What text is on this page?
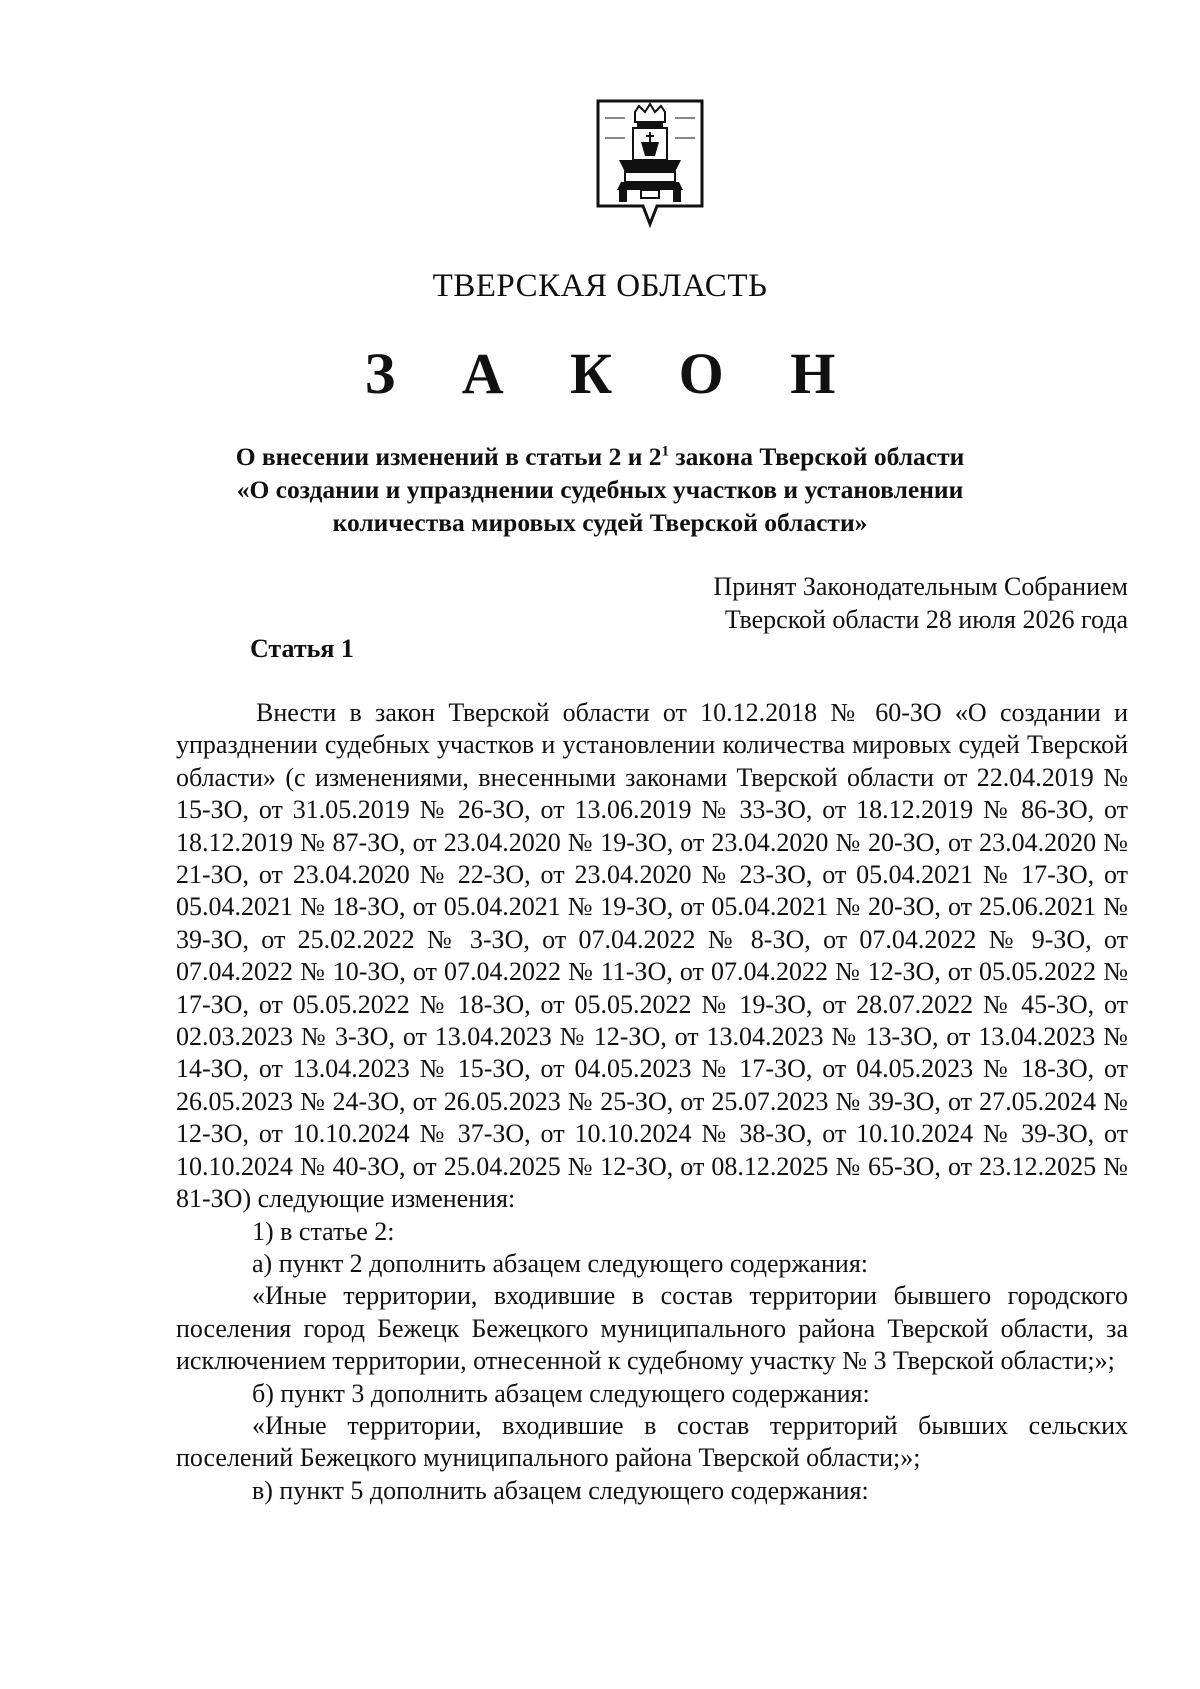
ТВЕРСКАЯ ОБЛАСТЬ
З А К О Н
О внесении изменений в статьи 2 и $2^1$ закона Тверской области
«О создании и упразднении судебных участков и установлении
количества мировых судей Тверской области»
Принят Законодательным Собранием
Тверской области 28 июля 2026 года
Статья 1

Внести в закон Тверской области от 10.12.2018 № 60-ЗО «О создании и упразднении судебных участков и установлении количества мировых судей Тверской области» (с изменениями, внесенными законами Тверской области от 22.04.2019 № 15-ЗО, от 31.05.2019 № 26-ЗО, от 13.06.2019 № 33-ЗО, от 18.12.2019 № 86-ЗО, от 18.12.2019 № 87-ЗО, от 23.04.2020 № 19-ЗО, от 23.04.2020 № 20-ЗО, от 23.04.2020 № 21-ЗО, от 23.04.2020 № 22-ЗО, от 23.04.2020 № 23-ЗО, от 05.04.2021 № 17-ЗО, от 05.04.2021 № 18-ЗО, от 05.04.2021 № 19-ЗО, от 05.04.2021 № 20-ЗО, от 25.06.2021 № 39-ЗО, от 25.02.2022 № 3-ЗО, от 07.04.2022 № 8-ЗО, от 07.04.2022 № 9-ЗО, от 07.04.2022 № 10-ЗО, от 07.04.2022 № 11-ЗО, от 07.04.2022 № 12-ЗО, от 05.05.2022 № 17-ЗО, от 05.05.2022 № 18-ЗО, от 05.05.2022 № 19-ЗО, от 28.07.2022 № 45-ЗО, от 02.03.2023 № 3-ЗО, от 13.04.2023 № 12-ЗО, от 13.04.2023 № 13-ЗО, от 13.04.2023 № 14-ЗО, от 13.04.2023 № 15-ЗО, от 04.05.2023 № 17-ЗО, от 04.05.2023 № 18-ЗО, от 26.05.2023 № 24-ЗО, от 26.05.2023 № 25-ЗО, от 25.07.2023 № 39-ЗО, от 27.05.2024 № 12-ЗО, от 10.10.2024 № 37-ЗО, от 10.10.2024 № 38-ЗО, от 10.10.2024 № 39-ЗО, от 10.10.2024 № 40-ЗО, от 25.04.2025 № 12-ЗО, от 08.12.2025 № 65-ЗО, от 23.12.2025 № 81-ЗО) следующие изменения:

1) в статье 2:

а) пункт 2 дополнить абзацем следующего содержания:

«Иные территории, входившие в состав территории бывшего городского поселения город Бежецк Бежецкого муниципального района Тверской области, за исключением территории, отнесенной к судебному участку № 3 Тверской области;»;

б) пункт 3 дополнить абзацем следующего содержания:

«Иные территории, входившие в состав территорий бывших сельских поселений Бежецкого муниципального района Тверской области;»;

в) пункт 5 дополнить абзацем следующего содержания:
